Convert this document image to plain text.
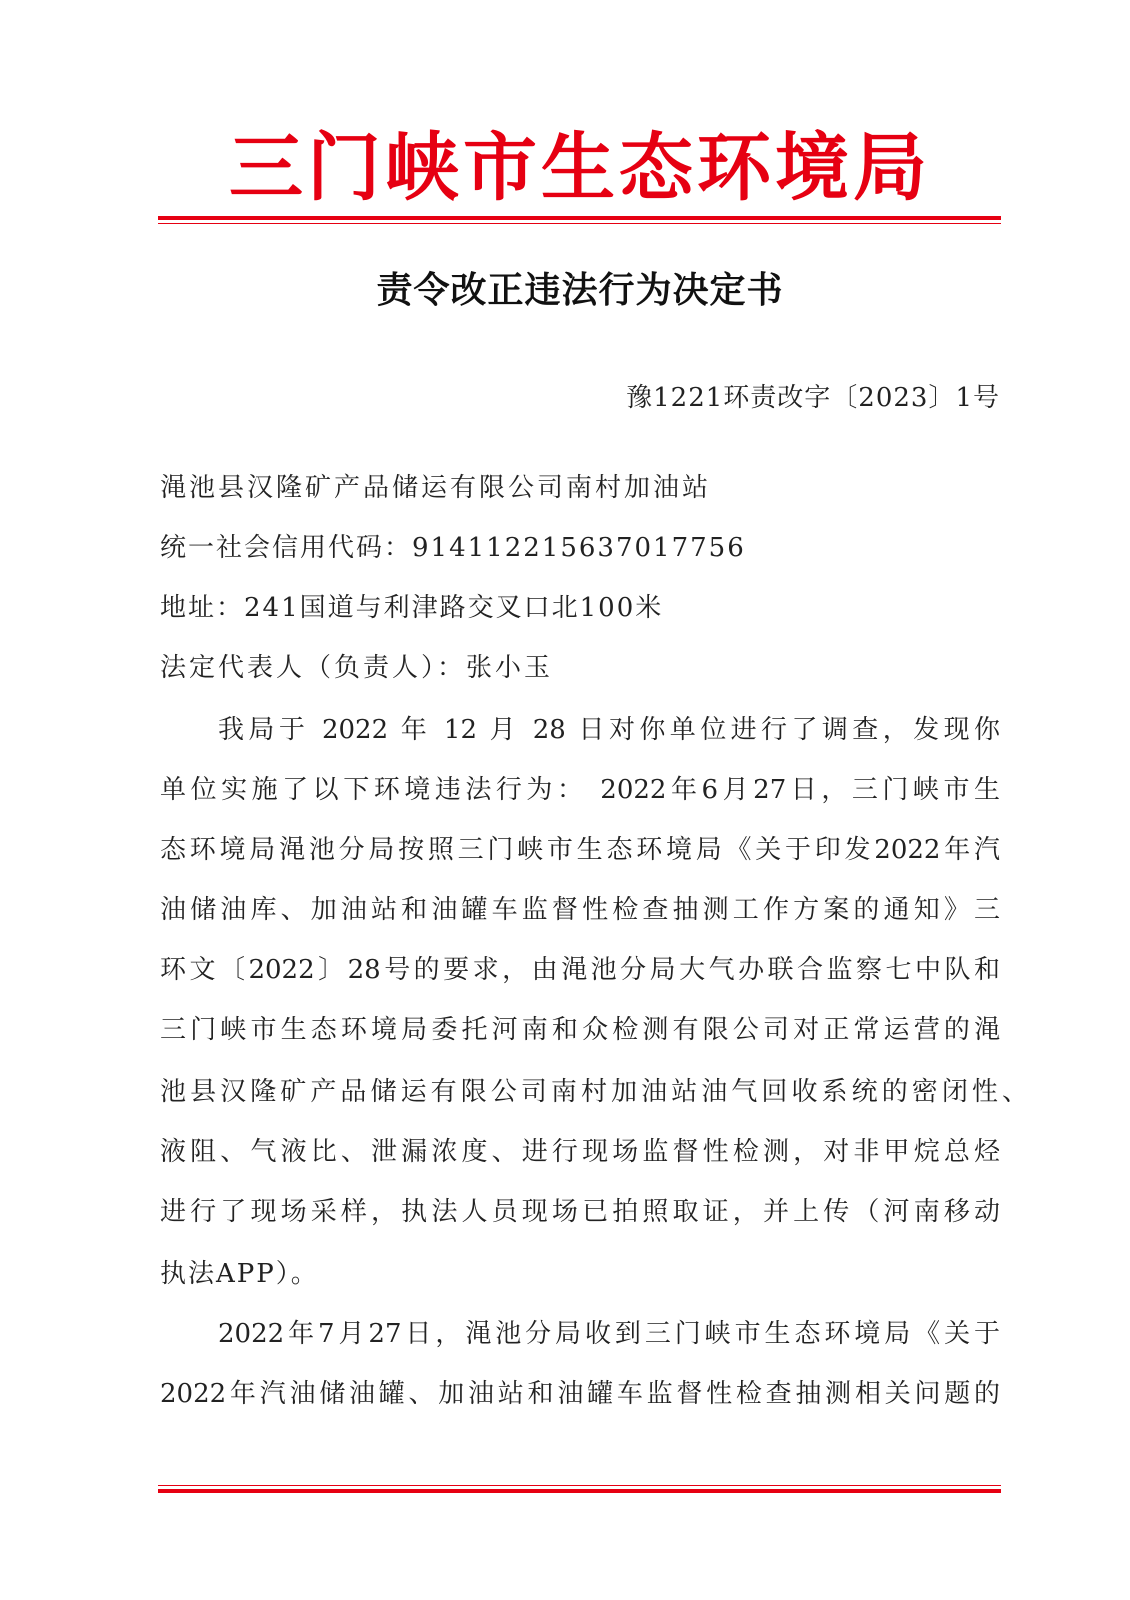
三门峡市生态环境局
责令改正违法行为决定书
豫1221环责改字〔2023〕1号
渑池县汉隆矿产品储运有限公司南村加油站
统一社会信用代码：91411221563701775​6
地址：241国道与利津路交叉口北100米
法定代表人（负责人）：张小玉
我局于 2022 年 12 月 28 日对你单位进行了调查，发现你
单位实施了以下环境违法行为： 2022年6月27日，三门峡市生
态环境局渑池分局按照三门峡市生态环境局《关于印发2022年汽
油储油库、加油站和油罐车监督性检查抽测工作方案的通知》三
环文〔2022〕28号的要求，由渑池分局大气办联合监察七中队和
三门峡市生态环境局委托河南和众检测有限公司对正常运营的渑
池县汉隆矿产品储运有限公司南村加油站油气回收系统的密闭性、
液阻、气液比、泄漏浓度、进行现场监督性检测，对非甲烷总烃
进行了现场采样，执法人员现场已拍照取证，并上传（河南移动
执法APP）。
2022年7月27日，渑池分局收到三门峡市生态环境局《关于
2022年汽油储油罐、加油站和油罐车监督性检查抽测相关问题的
